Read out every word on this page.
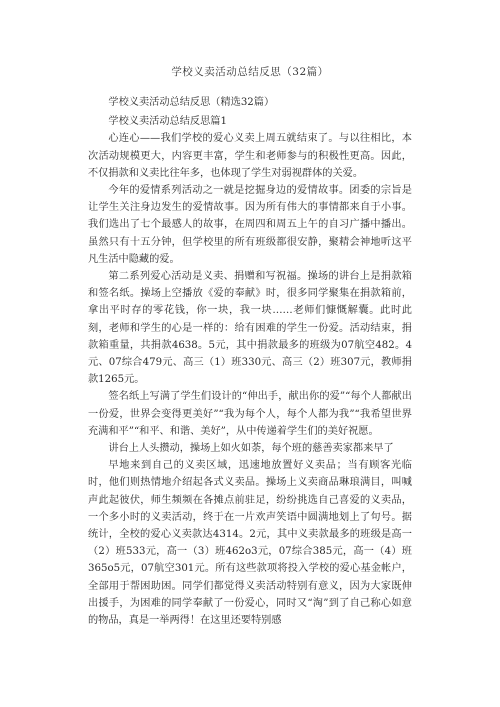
学校义卖活动总结反思（32篇）

学校义卖活动总结反思（精选32篇）

学校义卖活动总结反思篇1

心连心——我们学校的爱心义卖上周五就结束了。与以往相比，本次活动规模更大，内容更丰富，学生和老师参与的积极性更高。因此，不仅捐款和义卖比往年多，也体现了学生对弱视群体的关爱。

今年的爱情系列活动之一就是挖掘身边的爱情故事。团委的宗旨是让学生关注身边发生的爱情故事。因为所有伟大的事情都来自于小事。我们选出了七个最感人的故事，在周四和周五上午的自习广播中播出。虽然只有十五分钟，但学校里的所有班级都很安静，聚精会神地听这平凡生活中隐藏的爱。

第二系列爱心活动是义卖、捐赠和写祝福。操场的讲台上是捐款箱和签名纸。操场上空播放《爱的奉献》时，很多同学聚集在捐款箱前，拿出平时存的零花钱，你一块，我一块……老师们慷慨解囊。此时此刻，老师和学生的心是一样的：给有困难的学生一份爱。活动结束，捐款箱重量，共捐款4638。5元，其中捐款最多的班级为07航空482。4元、07综合479元、高三（1）班330元、高三（2）班307元，教师捐款1265元。

签名纸上写满了学生们设计的“伸出手，献出你的爱”“每个人都献出一份爱，世界会变得更美好”“我为每个人，每个人都为我”“我希望世界充满和平”“和平、和谐、美好”，从中传递着学生们的美好祝愿。

讲台上人头攒动，操场上如火如荼，每个班的慈善卖家都来早了

早地来到自己的义卖区域，迅速地放置好义卖品；当有顾客光临时，他们则热情地介绍起各式义卖品。操场上义卖商品琳琅满目，叫喊声此起彼伏，师生频频在各摊点前驻足，纷纷挑选自己喜爱的义卖品，一个多小时的义卖活动，终于在一片欢声笑语中圆满地划上了句号。据统计，全校的爱心义卖款达4314。2元，其中义卖款最多的班级是高一（2）班533元，高一（3）班462o3元，07综合385元，高一（4）班365o5元，07航空301元。所有这些款项将投入学校的爱心基金帐户，全部用于帮困助困。同学们都觉得义卖活动特别有意义，因为大家既伸出援手，为困难的同学奉献了一份爱心，同时又“淘”到了自己称心如意的物品，真是一举两得！在这里还要特别感
